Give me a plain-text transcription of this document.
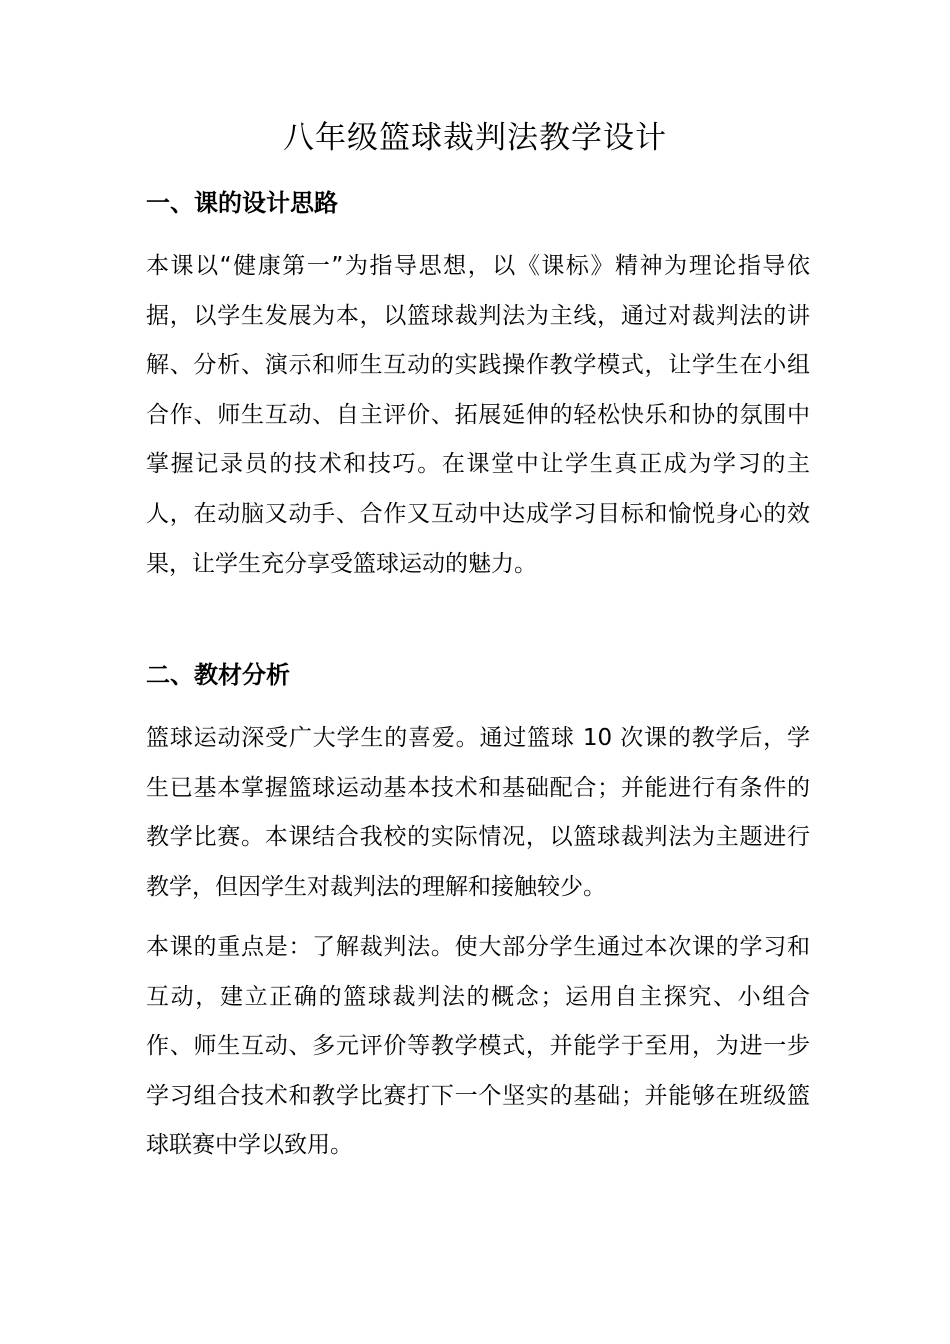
八年级篮球裁判法教学设计
一、课的设计思路

本课以“健康第一”为指导思想，以《课标》精神为理论指导依据，以学生发展为本，以篮球裁判法为主线，通过对裁判法的讲解、分析、演示和师生互动的实践操作教学模式，让学生在小组合作、师生互动、自主评价、拓展延伸的轻松快乐和协的氛围中掌握记录员的技术和技巧。在课堂中让学生真正成为学习的主人，在动脑又动手、合作又互动中达成学习目标和愉悦身心的效果，让学生充分享受篮球运动的魅力。

二、教材分析

篮球运动深受广大学生的喜爱。通过篮球 10 次课的教学后，学生已基本掌握篮球运动基本技术和基础配合；并能进行有条件的教学比赛。本课结合我校的实际情况，以篮球裁判法为主题进行教学，但因学生对裁判法的理解和接触较少。

本课的重点是：了解裁判法。使大部分学生通过本次课的学习和互动，建立正确的篮球裁判法的概念；运用自主探究、小组合作、师生互动、多元评价等教学模式，并能学于至用，为进一步学习组合技术和教学比赛打下一个坚实的基础；并能够在班级篮球联赛中学以致用。
